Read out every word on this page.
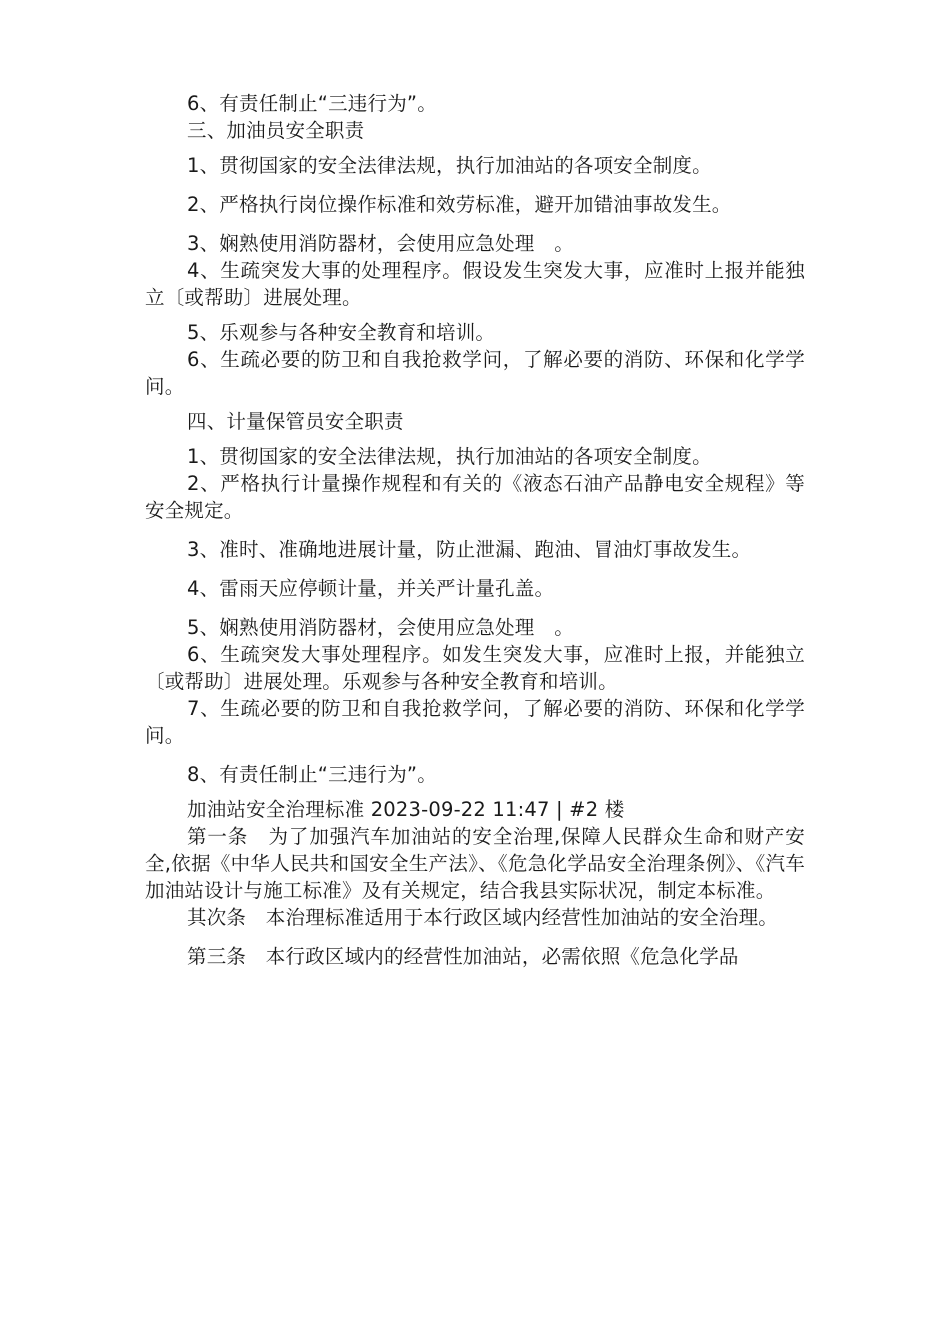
6、有责任制止“三违行为”。

三、加油员安全职责

1、贯彻国家的安全法律法规，执行加油站的各项安全制度。

2、严格执行岗位操作标准和效劳标准，避开加错油事故发生。

3、娴熟使用消防器材，会使用应急处理　。

4、生疏突发大事的处理程序。假设发生突发大事，应准时上报并能独立〔或帮助〕进展处理。

5、乐观参与各种安全教育和培训。

6、生疏必要的防卫和自我抢救学问，了解必要的消防、环保和化学学问。

四、计量保管员安全职责

1、贯彻国家的安全法律法规，执行加油站的各项安全制度。

2、严格执行计量操作规程和有关的《液态石油产品静电安全规程》等安全规定。

3、准时、准确地进展计量，防止泄漏、跑油、冒油灯事故发生。

4、雷雨天应停顿计量，并关严计量孔盖。

5、娴熟使用消防器材，会使用应急处理　。

6、生疏突发大事处理程序。如发生突发大事，应准时上报，并能独立〔或帮助〕进展处理。乐观参与各种安全教育和培训。

7、生疏必要的防卫和自我抢救学问，了解必要的消防、环保和化学学问。

8、有责任制止“三违行为”。

加油站安全治理标准 2023-09-22 11:47 | #2 楼

第一条　为了加强汽车加油站的安全治理,保障人民群众生命和财产安全,依据《中华人民共和国安全生产法》、《危急化学品安全治理条例》、《汽车加油站设计与施工标准》及有关规定，结合我县实际状况，制定本标准。

其次条　本治理标准适用于本行政区域内经营性加油站的安全治理。

第三条　本行政区域内的经营性加油站，必需依照《危急化学品
